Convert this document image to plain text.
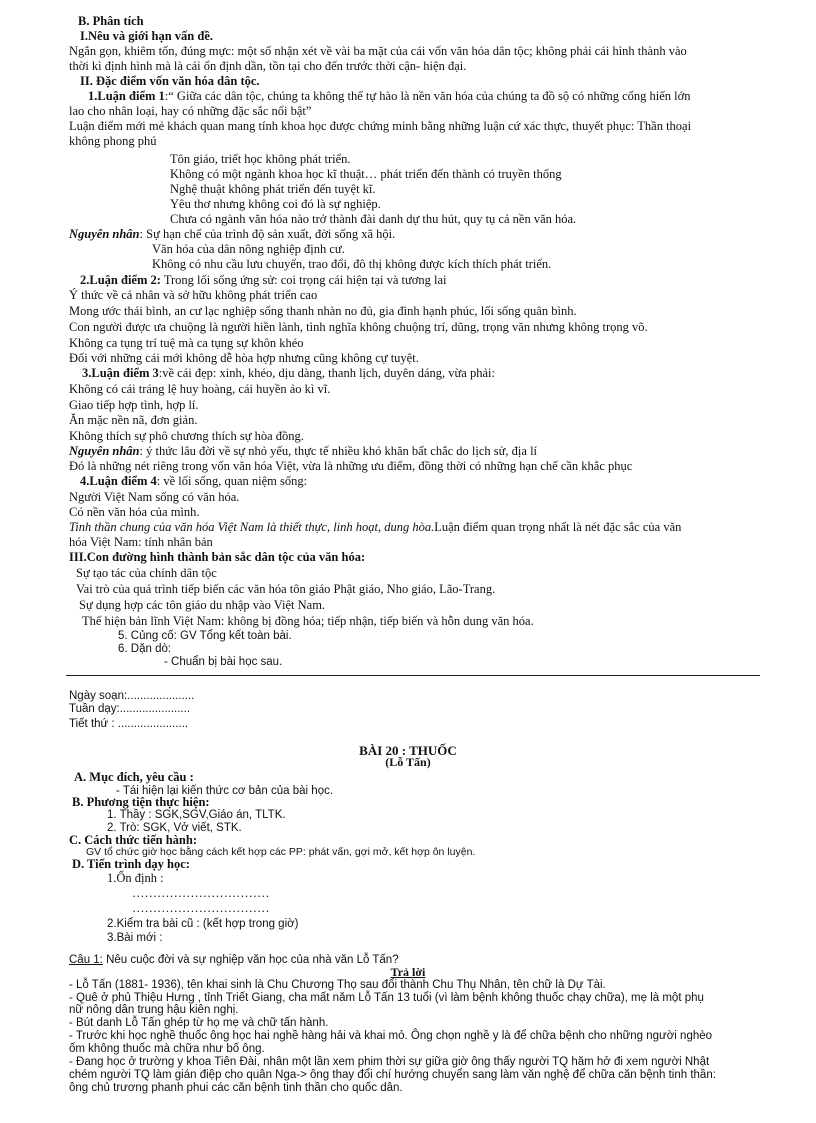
B. Phân tích
I.Nêu và giới hạn vấn đề.
Ngắn gọn, khiêm tốn, đúng mực: một số nhận xét về vài ba mặt của cái vốn văn hóa dân tộc; không phải cái hình thành vào
thời kì định hình mà là cái ổn định dần, tồn tại cho đến trước thời cận- hiện đại.
II. Đặc điểm vốn văn hóa dân tộc.
1.Luận điểm 1:“ Giữa các dân tộc, chúng ta không thể tự hào là nền văn hóa của chúng ta đồ sộ có những cống hiến lớn
lao cho nhân loại, hay có những đặc sắc nổi bật”
Luận điểm mới mẻ khách quan mang tính khoa học được chứng minh bằng những luận cứ xác thực, thuyết phục: Thần thoại
không phong phú
Tôn giáo, triết học không phát triển.
Không có một ngành khoa học kĩ thuật… phát triển đến thành có truyền thống
Nghệ thuật không phát triển đến tuyệt kĩ.
Yêu thơ nhưng không coi đó là sự nghiệp.
Chưa có ngành văn hóa nào trở thành đài danh dự thu hút, quy tụ cả nền văn hóa.
Nguyên nhân: Sự hạn chế của trình độ sản xuất, đời sống xã hội.
Văn hóa của dân nông nghiệp định cư.
Không có nhu cầu lưu chuyển, trao đổi, đô thị không được kích thích phát triển.
2.Luận điểm 2: Trong lối sống ứng sử: coi trọng cái hiện tại và tương lai
Ý thức về cá nhân và sở hữu không phát triển cao
Mong ước thái bình, an cư lạc nghiệp sống thanh nhàn no đủ, gia đình hạnh phúc, lối sống quân bình.
Con người được ưa chuộng là người hiền lành, tình nghĩa không chuộng trí, dũng, trọng văn nhưng không trọng võ.
Không ca tụng trí tuệ mà ca tụng sự khôn khéo
Đối với những cái mới không dễ hòa hợp nhưng cũng không cự tuyệt.
3.Luận điểm 3:về cái đẹp: xinh, khéo, dịu dàng, thanh lịch, duyên dáng, vừa phải:
Không có cái tráng lệ huy hoàng, cái huyền ảo kì vĩ.
Giao tiếp hợp tình, hợp lí.
Ăn mặc nền nã, đơn giản.
Không thích sự phô chương thích sự hòa đồng.
Nguyên nhân: ý thức lâu đời về sự nhỏ yếu, thực tế nhiều khó khăn bất chắc do lịch sử, địa lí
Đó là những nét riêng trong vốn văn hóa Việt, vừa là những ưu điểm, đồng thời có những hạn chế cần khắc phục
4.Luận điểm 4: về lối sống, quan niệm sống:
Người Việt Nam sống có văn hóa.
Có nền văn hóa của mình.
Tinh thần chung của văn hóa Việt Nam là thiết thực, linh hoạt, dung hòa.Luận điểm quan trọng nhất là nét đặc sắc của văn
hóa Việt Nam: tính nhân bản
III.Con đường hình thành bản sắc dân tộc của văn hóa:
Sự tạo tác của chính dân tộc
Vai trò của quá trình tiếp biến các văn hóa tôn giáo Phật giáo, Nho giáo, Lão-Trang.
Sự dụng hợp các tôn giáo du nhập vào Việt Nam.
Thể hiện bản lĩnh Việt Nam: không bị đồng hóa; tiếp nhận, tiếp biến và hỗn dung văn hóa.
5. Củng cố: GV Tổng kết toàn bài.
6. Dặn dò:
- Chuẩn bị bài học sau.
Ngày soạn:.....................
Tuần dạy:......................
Tiết thứ : ......................
BÀI 20 : THUỐC
(Lỗ Tấn)
A. Mục đích, yêu cầu :
- Tái hiện lại kiến thức cơ bản của bài học.
B. Phương tiện thực hiện:
1. Thầy : SGK,SGV,Giáo án, TLTK.
2. Trò: SGK, Vở viết, STK.
C. Cách thức tiến hành:
GV tổ chức giờ học bằng cách kết hợp các PP: phát vấn, gợi mở, kết hợp ôn luyện.
D. Tiến trình dạy học:
1.Ổn định :
……………………………
……………………………
2.Kiểm tra bài cũ : (kết hợp trong giờ)
3.Bài mới :
Câu 1: Nêu cuộc đời và sự nghiệp văn học của nhà văn Lỗ Tấn?
Trả lời
- Lỗ Tấn (1881- 1936), tên khai sinh là Chu Chương Thọ sau đổi thành Chu Thụ Nhân, tên chữ là Dự Tài.
- Quê ở phủ Thiệu Hưng , tỉnh Triết Giang, cha mất năm Lỗ Tấn 13 tuổi (vì làm bệnh không thuốc chạy chữa), mẹ là một phụ
nữ nông dân trung hậu kiên nghị.
- Bút danh Lỗ Tấn ghép từ họ mẹ và chữ tấn hành.
- Trước khi học nghề thuốc ông học hai nghề hàng hải và khai mỏ. Ông chọn nghề y là để chữa bệnh cho những người nghèo
ốm không thuốc mà chữa như bố ông.
- Đang học ở trường y khoa Tiên Đài, nhân một lần xem phim thời sự giữa giờ ông thấy người TQ hăm hở đi xem người Nhật
chém người TQ làm gián điệp cho quân Nga-> ông thay đổi chí hướng chuyển sang làm văn nghệ để chữa căn bệnh tinh thần:
ông chủ trương phanh phui các căn bệnh tinh thần cho quốc dân.
